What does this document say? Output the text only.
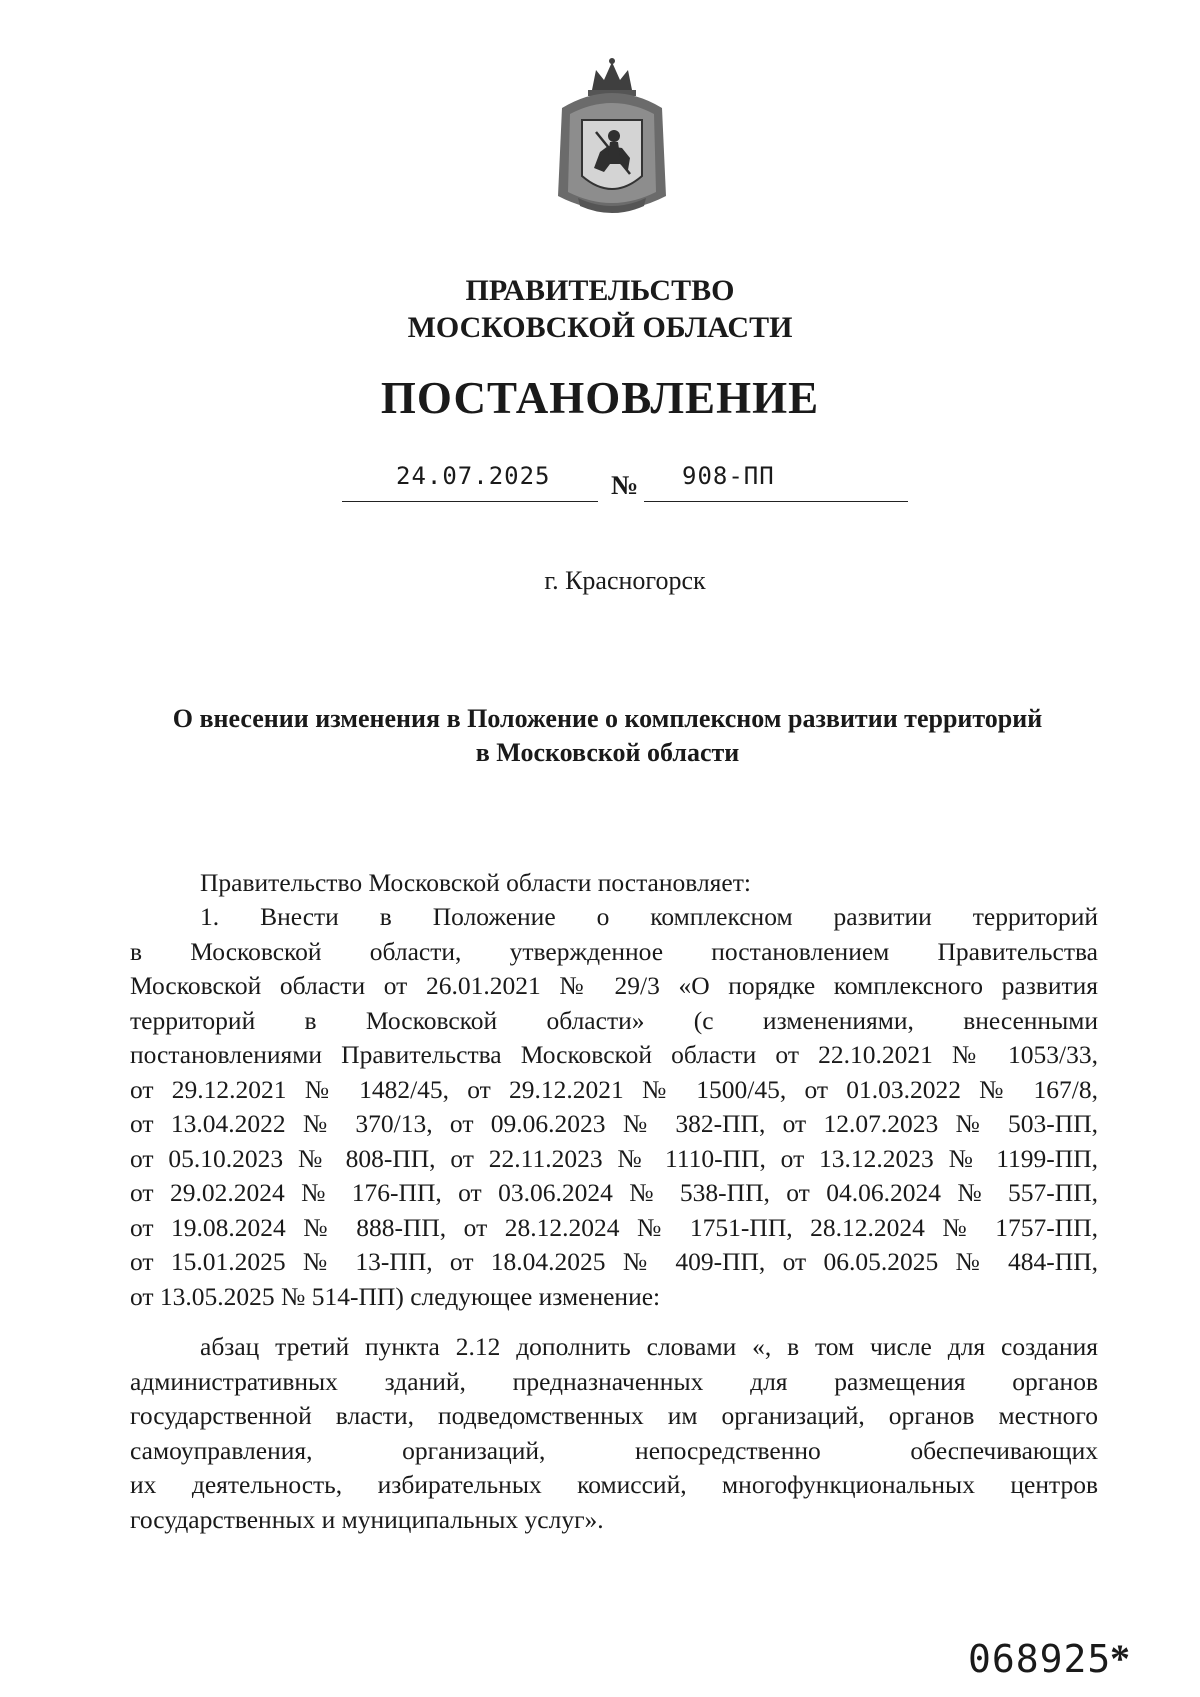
ПРАВИТЕЛЬСТВО
МОСКОВСКОЙ ОБЛАСТИ
ПОСТАНОВЛЕНИЕ
24.07.2025 № 908-ПП
г. Красногорск
О внесении изменения в Положение о комплексном развитии территорий
в Московской области
Правительство Московской области постановляет:
1. Внести в Положение о комплексном развитии территорий
в Московской области, утвержденное постановлением Правительства
Московской области от 26.01.2021 № 29/3 «О порядке комплексного развития
территорий в Московской области» (с изменениями, внесенными
постановлениями Правительства Московской области от 22.10.2021 № 1053/33,
от 29.12.2021 № 1482/45, от 29.12.2021 № 1500/45, от 01.03.2022 № 167/8,
от 13.04.2022 № 370/13, от 09.06.2023 № 382-ПП, от 12.07.2023 № 503-ПП,
от 05.10.2023 № 808-ПП, от 22.11.2023 № 1110-ПП, от 13.12.2023 № 1199-ПП,
от 29.02.2024 № 176-ПП, от 03.06.2024 № 538-ПП, от 04.06.2024 № 557-ПП,
от 19.08.2024 № 888-ПП, от 28.12.2024 № 1751-ПП, 28.12.2024 № 1757-ПП,
от 15.01.2025 № 13-ПП, от 18.04.2025 № 409-ПП, от 06.05.2025 № 484-ПП,
от 13.05.2025 № 514-ПП) следующее изменение:
абзац третий пункта 2.12 дополнить словами «, в том числе для создания
административных зданий, предназначенных для размещения органов
государственной власти, подведомственных им организаций, органов местного
самоуправления, организаций, непосредственно обеспечивающих
их деятельность, избирательных комиссий, многофункциональных центров
государственных и муниципальных услуг».
068925
*
